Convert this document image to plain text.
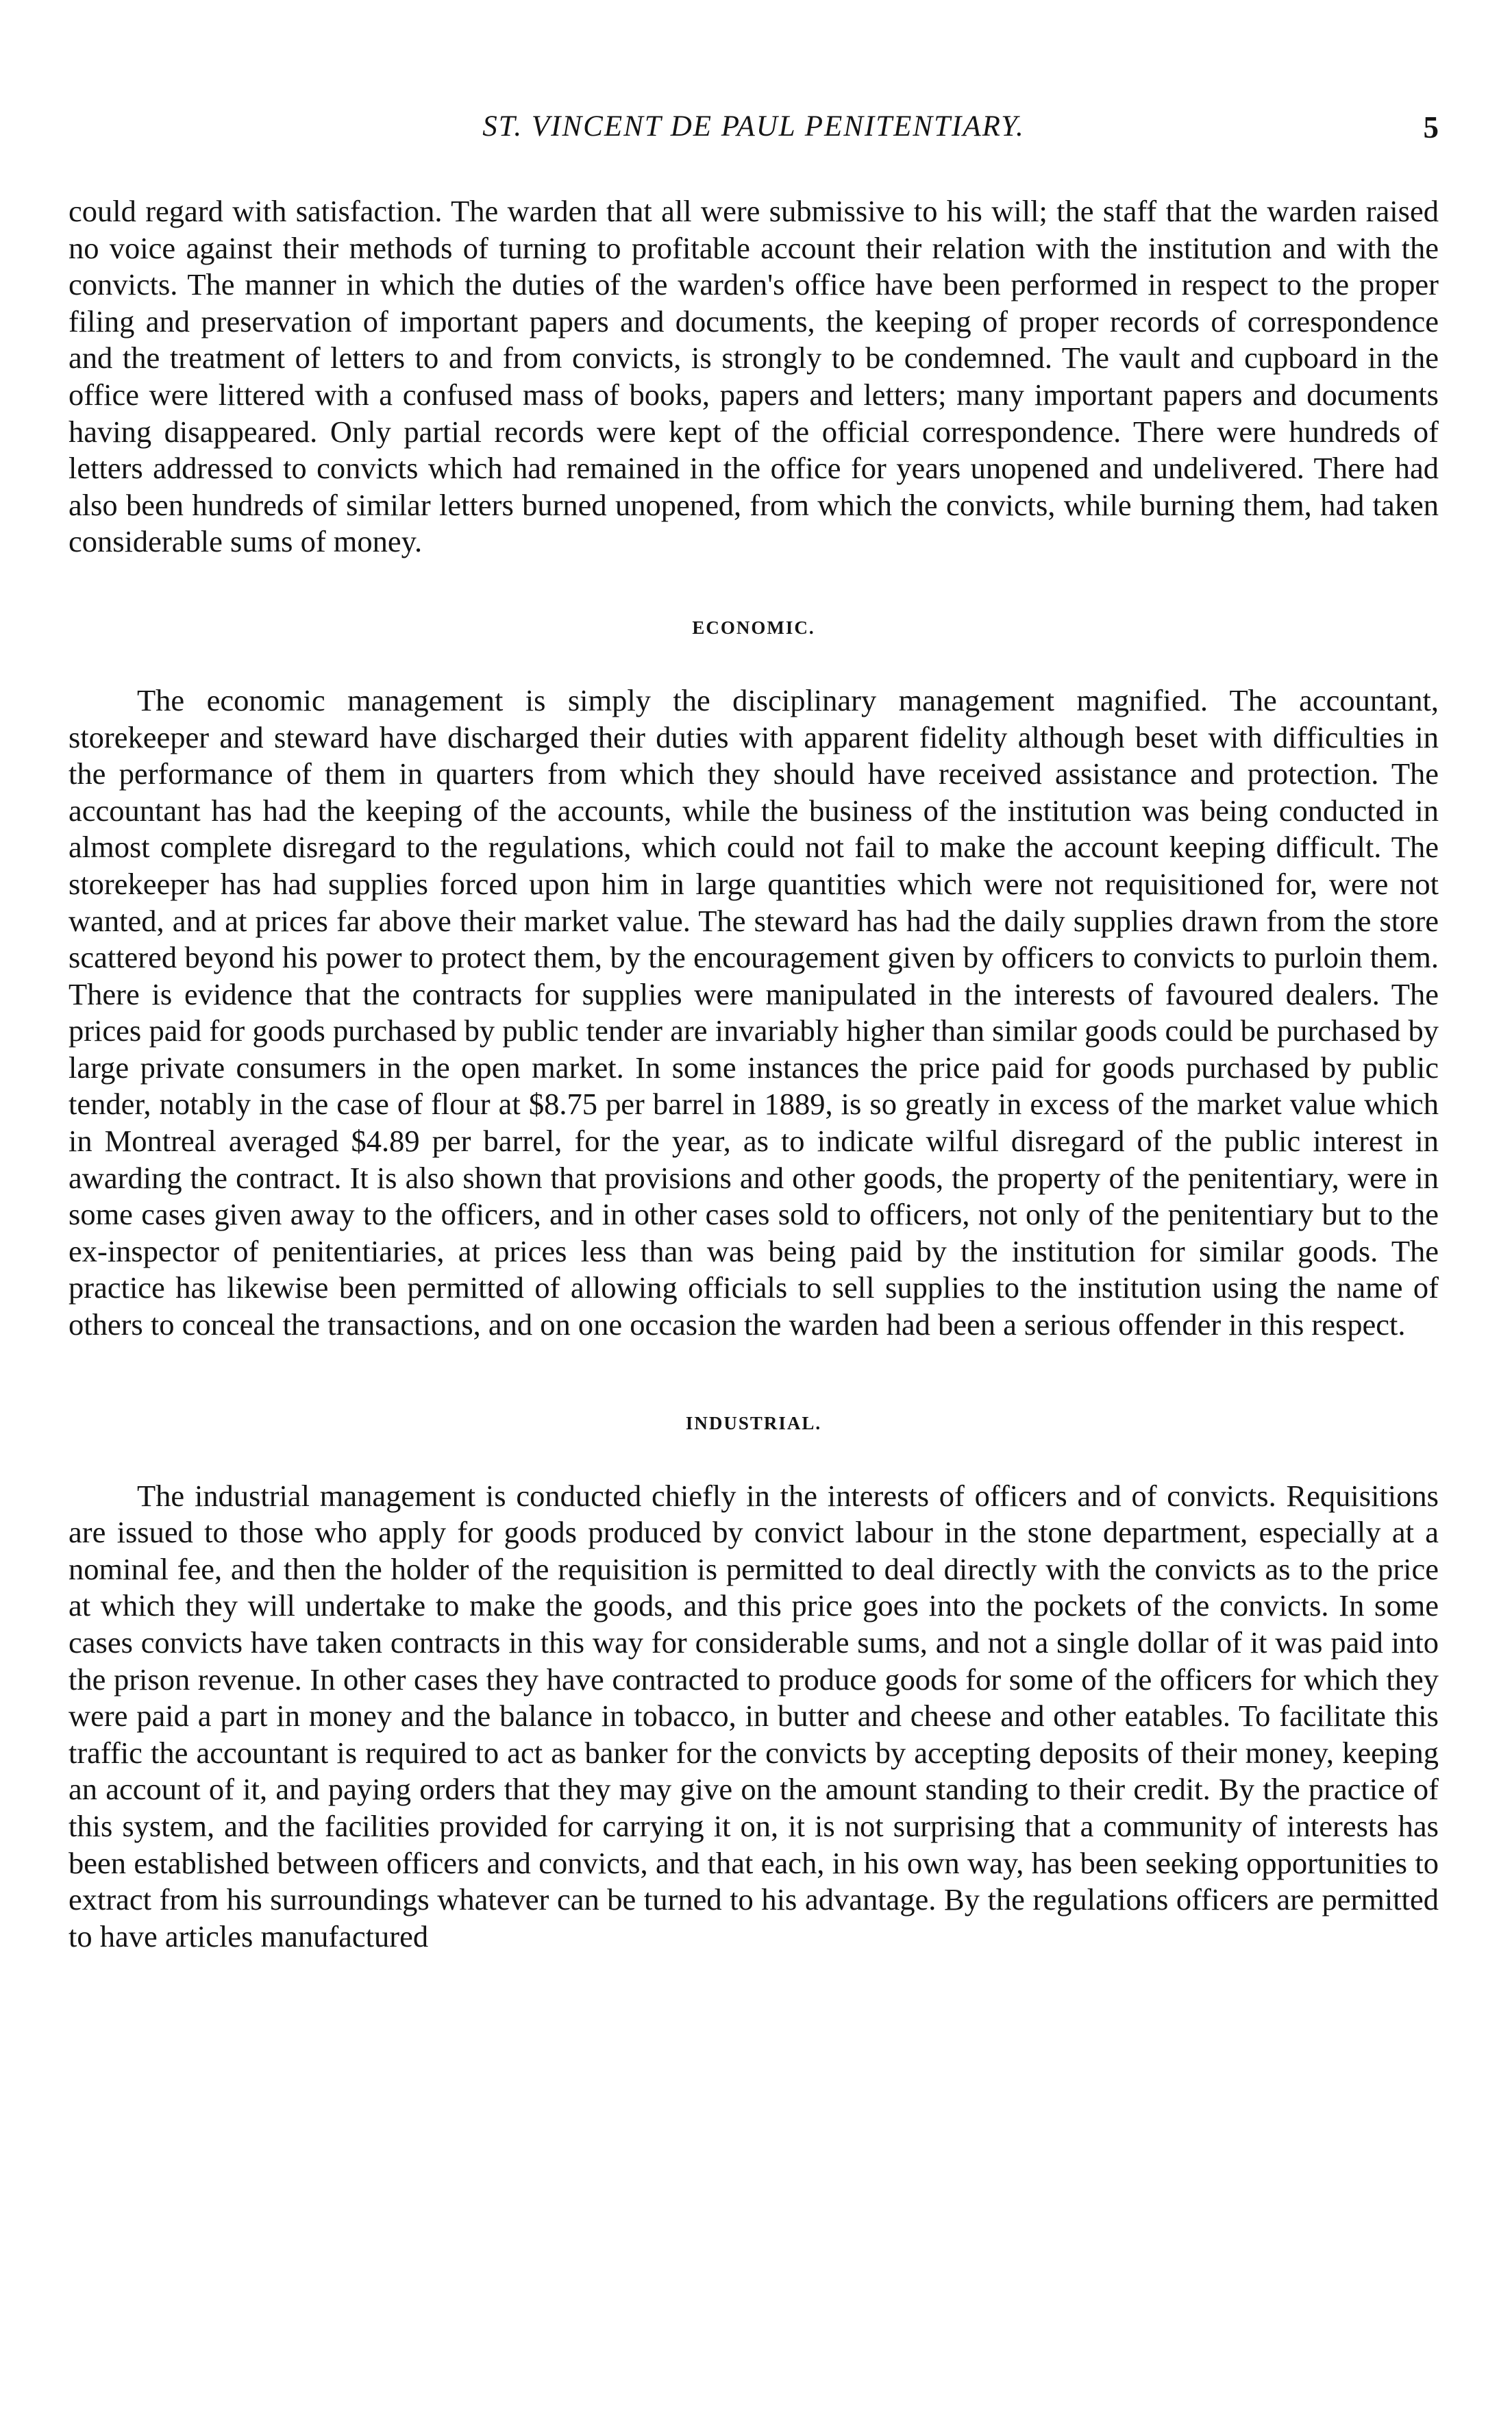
ST. VINCENT DE PAUL PENITENTIARY.	5

could regard with satisfaction. The warden that all were submissive to his will; the staff that the warden raised no voice against their methods of turning to profitable account their relation with the institution and with the convicts. The manner in which the duties of the warden's office have been performed in respect to the proper filing and preservation of important papers and documents, the keeping of proper records of correspondence and the treatment of letters to and from convicts, is strongly to be condemned. The vault and cupboard in the office were littered with a confused mass of books, papers and letters; many important papers and documents having disappeared. Only partial records were kept of the official correspondence. There were hundreds of letters addressed to convicts which had remained in the office for years unopened and undelivered. There had also been hundreds of similar letters burned unopened, from which the convicts, while burning them, had taken considerable sums of money.

ECONOMIC.

The economic management is simply the disciplinary management magnified. The accountant, storekeeper and steward have discharged their duties with apparent fidelity although beset with difficulties in the performance of them in quarters from which they should have received assistance and protection. The accountant has had the keeping of the accounts, while the business of the institution was being conducted in almost complete disregard to the regulations, which could not fail to make the account keeping difficult. The storekeeper has had supplies forced upon him in large quantities which were not requisitioned for, were not wanted, and at prices far above their market value. The steward has had the daily supplies drawn from the store scattered beyond his power to protect them, by the encouragement given by officers to convicts to purloin them. There is evidence that the contracts for supplies were manipulated in the interests of favoured dealers. The prices paid for goods purchased by public tender are invariably higher than similar goods could be purchased by large private consumers in the open market. In some instances the price paid for goods purchased by public tender, notably in the case of flour at $8.75 per barrel in 1889, is so greatly in excess of the market value which in Montreal averaged $4.89 per barrel, for the year, as to indicate wilful disregard of the public interest in awarding the contract. It is also shown that provisions and other goods, the property of the penitentiary, were in some cases given away to the officers, and in other cases sold to officers, not only of the penitentiary but to the ex-inspector of penitentiaries, at prices less than was being paid by the institution for similar goods. The practice has likewise been permitted of allowing officials to sell supplies to the institution using the name of others to conceal the transactions, and on one occasion the warden had been a serious offender in this respect.

INDUSTRIAL.

The industrial management is conducted chiefly in the interests of officers and of convicts. Requisitions are issued to those who apply for goods produced by convict labour in the stone department, especially at a nominal fee, and then the holder of the requisition is permitted to deal directly with the convicts as to the price at which they will undertake to make the goods, and this price goes into the pockets of the convicts. In some cases convicts have taken contracts in this way for considerable sums, and not a single dollar of it was paid into the prison revenue. In other cases they have contracted to produce goods for some of the officers for which they were paid a part in money and the balance in tobacco, in butter and cheese and other eatables. To facilitate this traffic the accountant is required to act as banker for the convicts by accepting deposits of their money, keeping an account of it, and paying orders that they may give on the amount standing to their credit. By the practice of this system, and the facilities provided for carrying it on, it is not surprising that a community of interests has been established between officers and convicts, and that each, in his own way, has been seeking opportunities to extract from his surroundings whatever can be turned to his advantage. By the regulations officers are permitted to have articles manufactured
